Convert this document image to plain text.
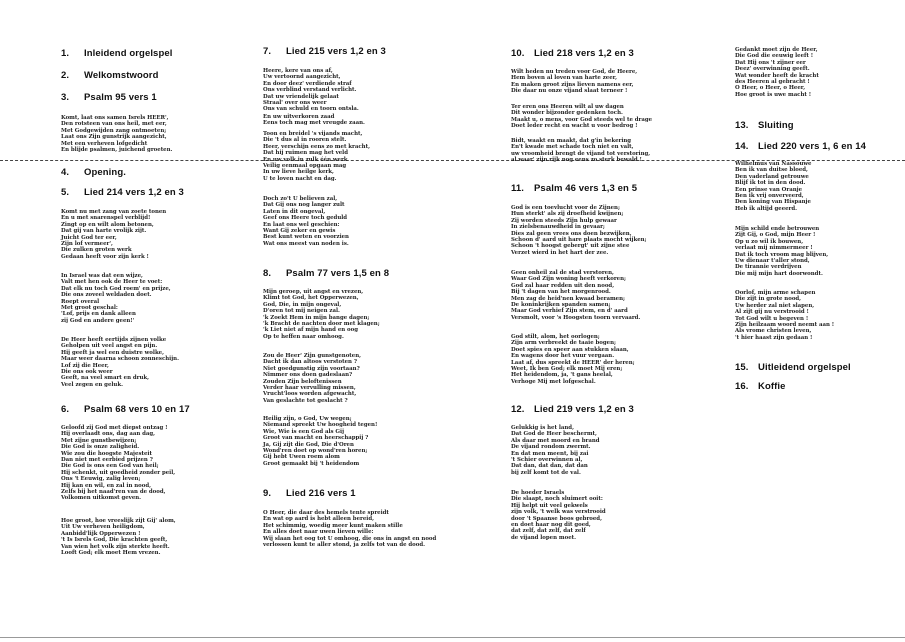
1. Inleidend orgelspel
2. Welkomstwoord
3. Psalm 95 vers 1
Komt, laat ons samen Isrels HEER',
Den rotsteen van ons heil, met eer,
Met Godgewijden zang ontmoeten;
Laat ons Zijn gunstrijk aangezicht,
Met een verheven lofgedicht
En blijde psalmen, juichend groeten.
4. Opening.
5. Lied 214 vers 1,2 en 3
Komt nu met zang van zoete tonen
En u met snarenspel verblijd!
Zingt op en wilt alom betonen,
Dat gij van harte vrolijk zijt.
Juicht God ter eer,
Zijn lof vermeer',
Die zulken groten werk
Gedaan heeft voor zijn kerk !
In Israel was dat een wijze,
Valt met hen ook de Heer te voet:
Dat elk nu toch God roem' en prijze,
Die ons zoveel weldaden doet.
Roept overal
Met groot geschal:
'Lof, prijs en dank alleen
zij God en andere geen!'
De Heer heeft eertijds zijnen volke
Geholpen uit veel angst en pijn.
Hij geeft ja wel een duistre wolke,
Maar weer daarna schoon zonneschijn.
Lof zij die Heer,
Die ons ook weer
Geeft, na veel smart en druk,
Veel zegen en geluk.
6. Psalm 68 vers 10 en 17
Geloofd zij God met diepst ontzag !
Hij overlaadt ons, dag aan dag,
Met zijne gunstbewijzen;
Die God is onze zaligheid.
Wie zou die hoogste Majesteit
Dan niet met eerbied prijzen ?
Die God is ons een God van heil;
Hij schenkt, uit goedheid zonder peil,
Ons 't Eeuwig, zalig leven;
Hij kan en wil, en zal in nood,
Zelfs bij het naad'ren van de dood,
Volkomen uitkomst geven.
Hoe groot, hoe vreeslijk zijt Gij' alom,
Uit Uw verheven heiligdom,
Aanbidd'lijk Opperwezen !
't Is Isrels God, Die krachten geeft,
Van wien het volk zijn sterkte heeft.
Looft God; elk moet Hem vrezen.
7. Lied 215 vers 1,2 en 3
Heere, kere van ons af,
Uw vertoornd aangezicht,
En door deez' verdiende straf
Ons verblind verstand verlicht.
Dat uw vriendelijk gelaat
Straal' over ons weer
Ons van schuld en toorn ontsla.
En uw uitverkoren zaad
Eens toch mag met vreugde zaan.
Toon en breidel 's vijands macht,
Die 't dus al in rooren stelt.
Heer, verschijn eens zo met kracht,
Dat hij ruimen mag het veld
En uw volk in zulk één werk
Veilig eenmaal opgaan mag
In uw lieve heilge kerk,
U te loven nacht en dag.
Doch zo't U believen zal,
Dat Gij ons nog langer zult
Laten in dit ongeval,
Geef ons Heere toch geduld
En laat ons wel geschien:
Want Gij zeker en gewis
Best kunt weten en voorzien
Wat ons meest van noden is.
8. Psalm 77 vers 1,5 en 8
Mijn geroep, uit angst en vrezen,
Klimt tot God, het Opperwezen,
God, Die, in mijn ongeval,
D'oren tot mij neigen zal.
'k Zoekt Hem in mijn bange dagen;
'k Bracht de nachten door met klagen;
'k Liet niet af mijn hand en oog
Op te heffen naar omhoog.
Zou de Heer' Zijn gunstgenoten,
Dacht ik dan altoos verstoten ?
Niet goedgunstig zijn voortaan?
Nimmer ons doen gadeslaan?
Zouden Zijn beloftenissen
Verder haar vervulling missen,
Vrucht'loos worden afgewacht,
Van geslachte tot geslacht ?
Heilig zijn, o God, Uw wegen;
Niemand spreekt Uw hoogheid tegen!
Wie, Wie is een God als Gij
Groot van macht en heerschappij ?
Ja, Gij zijt die God, Die d'Oren
Wond'ren doet op wond'ren horen;
Gij hebt Uwen roem alom
Groot gemaakt bij 't heidendom
9. Lied 216 vers 1
O Heer, die daar des hemels tente spreidt
En wat op aard is hebt alleen bereid,
Het schimmig, woedig meer kunt maken stille
En alles doet naar uwen lieven wille:
Wij slaan het oog tot U omhoog, die ons in angst en nood
verlossen kunt te aller stond, ja zelfs tot van de dood.
10. Lied 218 vers 1,2 en 3
Wilt heden nu treden voor God, de Heere,
Hem boven al loven van harte zeer,
En maken groot zijns lieven namens eer,
Die daar nu onze vijand slaat terneer !
Ter eren ons Heeren wilt al uw dagen
Dit wonder bijzonder gedenken toch.
Maakt u, o mens, voor God steeds wel te drage
Doet leder recht en wacht u voor bedrog !
Bidt, waakt en maakt, dat g'in bekering
En't kwade met schade toch niet en valt,
uw vroomheid brengt de vijand tot verstoring,
al waar' zijn rijk nog eens zo sterk bewald !
11. Psalm 46 vers 1,3 en 5
God is een toevlucht voor de Zijnen;
Hun sterkt' als zij droefheid kwijnen;
Zij worden steeds Zijn hulp gewaar
In zielsbenauwdheid in gevaar;
Dies zal geen vrees ons doen bezwijken,
Schoon d' aard uit hare plaats mocht wijken;
Schoon 't hoogst gebergt' uit zijne stee
Verzet wierd in het hart der zee.
Geen onheil zal de stad verstoren,
Waar God Zijn woning heeft verkoren;
God zal haar redden uit den nood,
Bij 't dagen van het morgenrood.
Men zag de heid'nen kwaad beramen;
De koninkrijken spanden samen;
Maar God verhief Zijn stem, en d' aard
Versmolt, voor 's Hoogsten toorn vervaard.
God stilt, alom, het oorlogen;
Zijn arm verbreekt de taaie bogen;
Doet spies en speer aan stukken slaan,
En wagens door het vuur vergaan.
Laat af, dus spreekt de HEER' der heren;
Weet, Ik ben God; elk moet Mij eren;
Het heidendom, ja, 't gans heelal,
Verhoge Mij met lofgeschal.
12. Lied 219 vers 1,2 en 3
Gelukkig is het land,
Dat God de Heer beschermt,
Als daar met moord en brand
De vijand rondom zwermt.
En dat men meent, bij zai
't Schier overwinnen al,
Dat dan, dat dan, dat dan
bij zelf komt tot de val.
De hoeder Israels
Die slaapt, noch sluimert ooit:
Hij helpt uit veel gekwels
zijn volk, 't welk was verstrooid
door 't Spaanse boos gebroed,
en doet haar nog dit goed,
dat zelf, dat zelf, dat zelf
de vijand lopen moet.
Gedankt moet zijn de Heer,
Die God die eeuwig leeft !
Dat Hij ons 't zijner eer
Deez' overwinning geeft.
Wat wonder heeft de kracht
des Heeren al gebracht !
O Heer, o Heer, o Heer,
Hoe groot is uwe macht !
13. Sluiting
14. Lied 220 vers 1, 6 en 14
Wilhelmus van Nassouwe
Ben ik van duitse bloed,
Den vaderland getrouwe
Blijf ik tot in den dood.
Een prinse van Oranje
Ben ik vrij onverveerd,
Den koning van Hispanje
Heb ik altijd geeerd.
Mijn schild ende betrouwen
Zijt Gij, o God, mijn Heer !
Op u zo wil ik bouwen,
verlaat mij nimmermeer !
Dat ik toch vroom mag blijven,
Uw dienaar t'aller stond,
De tirannie verdrijven
Die mij mijn hart doorwondt.
Oorlof, mijn arme schapen
Die zijt in grote nood,
Uw herder zal niet slapen,
Al zijt gij nu verstrooid !
Tot God wilt u begeven !
Zijn heilzaam woord neemt aan !
Als vrome christen leven,
't hier haast zijn gedaan !
15. Uitleidend orgelspel
16. Koffie
